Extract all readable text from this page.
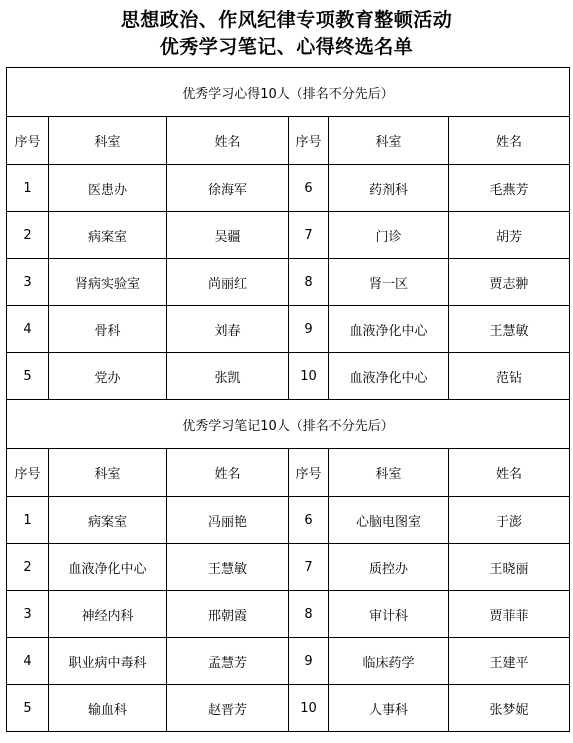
思想政治、作风纪律专项教育整顿活动
优秀学习笔记、心得终选名单
优秀学习心得10人（排名不分先后）					
序号	科室	姓名	序号	科室	姓名
1	医患办	徐海军	6	药剂科	毛燕芳
2	病案室	吴疆	7	门诊	胡芳
3	肾病实验室	尚丽红	8	肾一区	贾志翀
4	骨科	刘春	9	血液净化中心	王慧敏
5	党办	张凯	10	血液净化中心	范钻
优秀学习笔记10人（排名不分先后）					
序号	科室	姓名	序号	科室	姓名
1	病案室	冯丽艳	6	心脑电图室	于澎
2	血液净化中心	王慧敏	7	质控办	王晓丽
3	神经内科	邢朝霞	8	审计科	贾菲菲
4	职业病中毒科	孟慧芳	9	临床药学	王建平
5	输血科	赵晋芳	10	人事科	张梦妮
